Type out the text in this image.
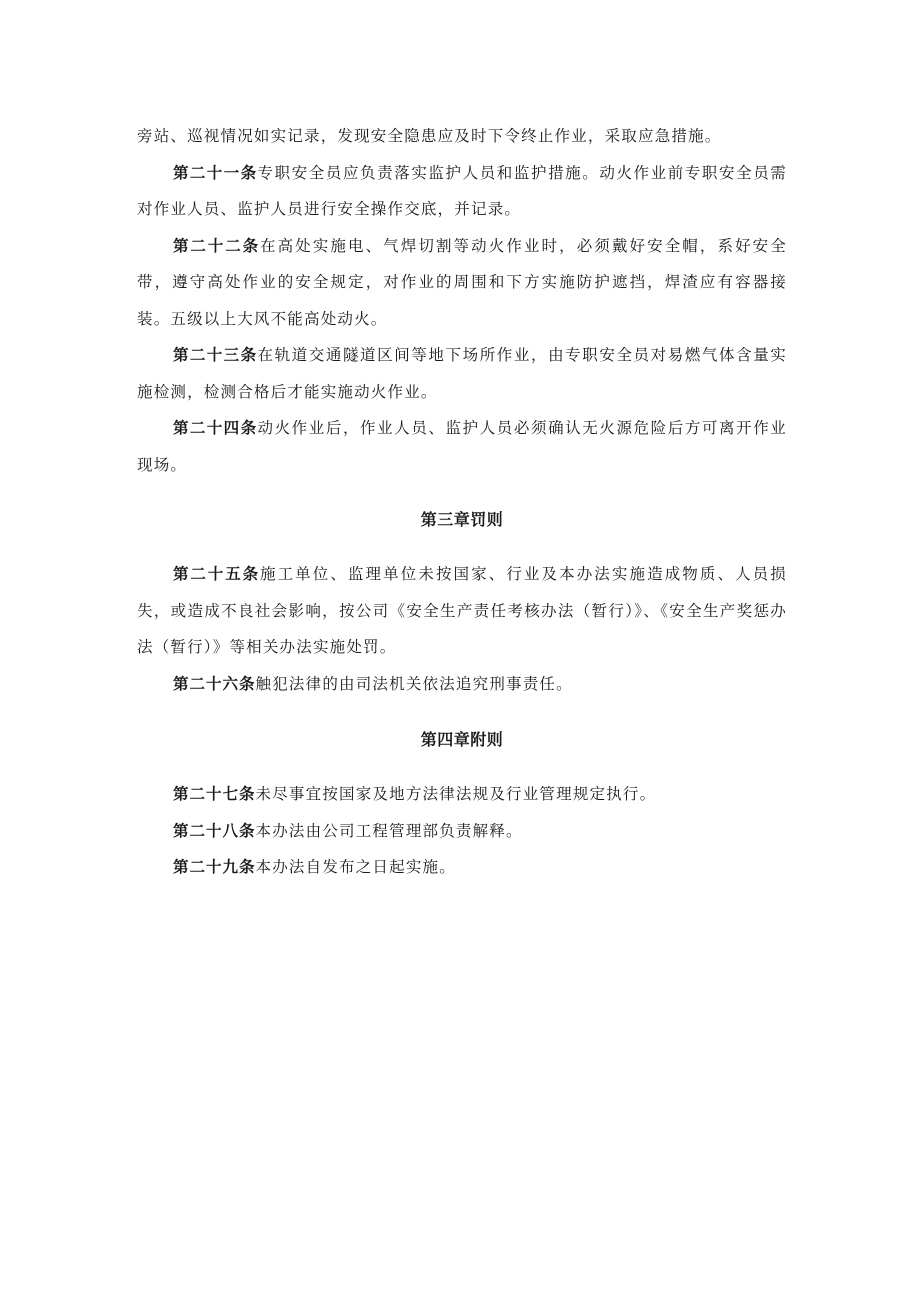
旁站、巡视情况如实记录，发现安全隐患应及时下令终止作业，采取应急措施。

第二十一条专职安全员应负责落实监护人员和监护措施。动火作业前专职安全员需对作业人员、监护人员进行安全操作交底，并记录。

第二十二条在高处实施电、气焊切割等动火作业时，必须戴好安全帽，系好安全带，遵守高处作业的安全规定，对作业的周围和下方实施防护遮挡，焊渣应有容器接装。五级以上大风不能高处动火。

第二十三条在轨道交通隧道区间等地下场所作业，由专职安全员对易燃气体含量实施检测，检测合格后才能实施动火作业。

第二十四条动火作业后，作业人员、监护人员必须确认无火源危险后方可离开作业现场。

第三章罚则

第二十五条施工单位、监理单位未按国家、行业及本办法实施造成物质、人员损失，或造成不良社会影响，按公司《安全生产责任考核办法（暂行）》、《安全生产奖惩办法（暂行）》等相关办法实施处罚。

第二十六条触犯法律的由司法机关依法追究刑事责任。

第四章附则

第二十七条未尽事宜按国家及地方法律法规及行业管理规定执行。

第二十八条本办法由公司工程管理部负责解释。

第二十九条本办法自发布之日起实施。
